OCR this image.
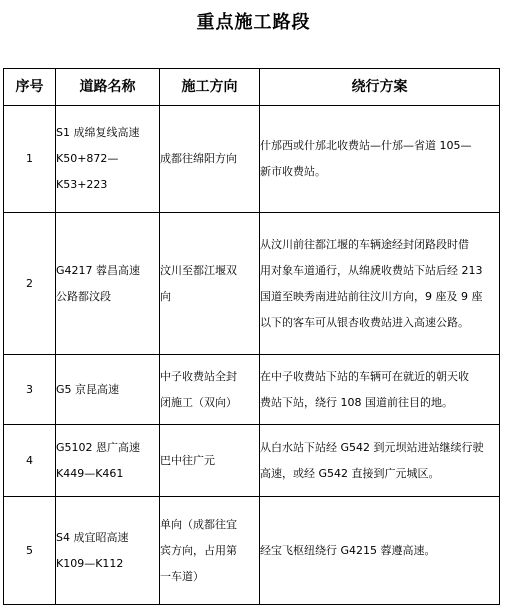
重点施工路段
序号	道路名称	施工方向	绕行方案
1	S1 成绵复线高速
K50+872—
K53+223	成都往绵阳方向	什邡西或什邡北收费站—什邡—省道 105—
新市收费站。

2	G4217 蓉昌高速
公路都汶段	汶川至都江堰双
向	从汶川前往都江堰的车辆途经封闭路段时借
用对象车道通行，从绵虒收费站下站后经 213
国道至映秀南进站前往汶川方向，9 座及 9 座
以下的客车可从银杏收费站进入高速公路。

3	G5 京昆高速	中子收费站全封
闭施工（双向）	在中子收费站下站的车辆可在就近的朝天收
费站下站，绕行 108 国道前往目的地。

4	G5102 恩广高速
K449—K461	巴中往广元	从白水站下站经 G542 到元坝站进站继续行驶
高速，或经 G542 直接到广元城区。

5	S4 成宜昭高速
K109—K112	单向（成都往宜
宾方向，占用第
一车道）	经宝飞枢纽绕行 G4215 蓉遵高速。
